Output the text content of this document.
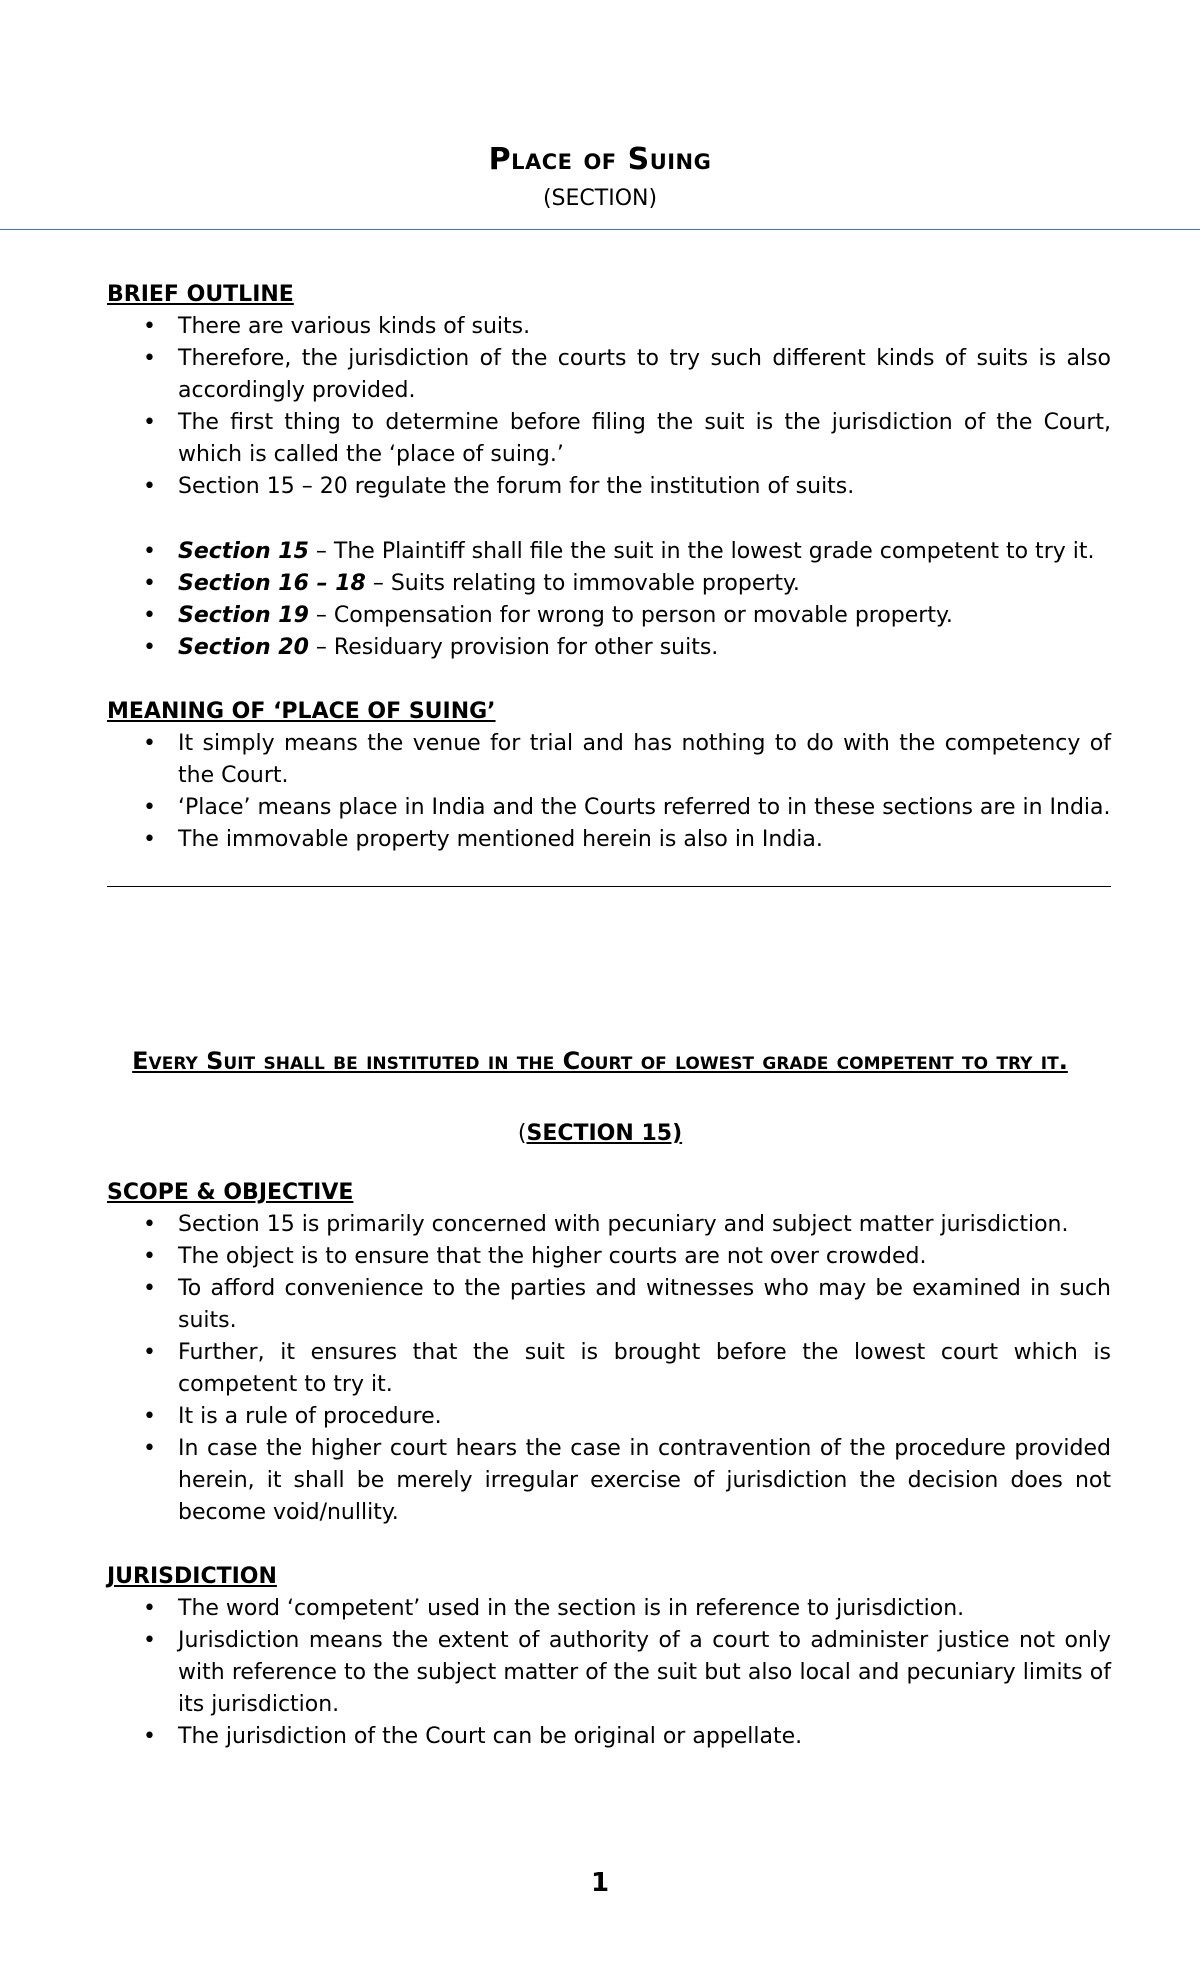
Place of Suing

(SECTION)

BRIEF OUTLINE

• There are various kinds of suits.
• Therefore, the jurisdiction of the courts to try such different kinds of suits is also accordingly provided.
• The first thing to determine before filing the suit is the jurisdiction of the Court, which is called the ‘place of suing.’
• Section 15 – 20 regulate the forum for the institution of suits.
• Section 15 – The Plaintiff shall file the suit in the lowest grade competent to try it.
• Section 16 – 18 – Suits relating to immovable property.
• Section 19 – Compensation for wrong to person or movable property.
• Section 20 – Residuary provision for other suits.

MEANING OF ‘PLACE OF SUING’

• It simply means the venue for trial and has nothing to do with the competency of the Court.
• ‘Place’ means place in India and the Courts referred to in these sections are in India.
• The immovable property mentioned herein is also in India.

Every Suit shall be instituted in the Court of lowest grade competent to try it.

(SECTION 15)

SCOPE & OBJECTIVE

• Section 15 is primarily concerned with pecuniary and subject matter jurisdiction.
• The object is to ensure that the higher courts are not over crowded.
• To afford convenience to the parties and witnesses who may be examined in such suits.
• Further, it ensures that the suit is brought before the lowest court which is competent to try it.
• It is a rule of procedure.
• In case the higher court hears the case in contravention of the procedure provided herein, it shall be merely irregular exercise of jurisdiction the decision does not become void/nullity.

JURISDICTION

• The word ‘competent’ used in the section is in reference to jurisdiction.
• Jurisdiction means the extent of authority of a court to administer justice not only with reference to the subject matter of the suit but also local and pecuniary limits of its jurisdiction.
• The jurisdiction of the Court can be original or appellate.

1
